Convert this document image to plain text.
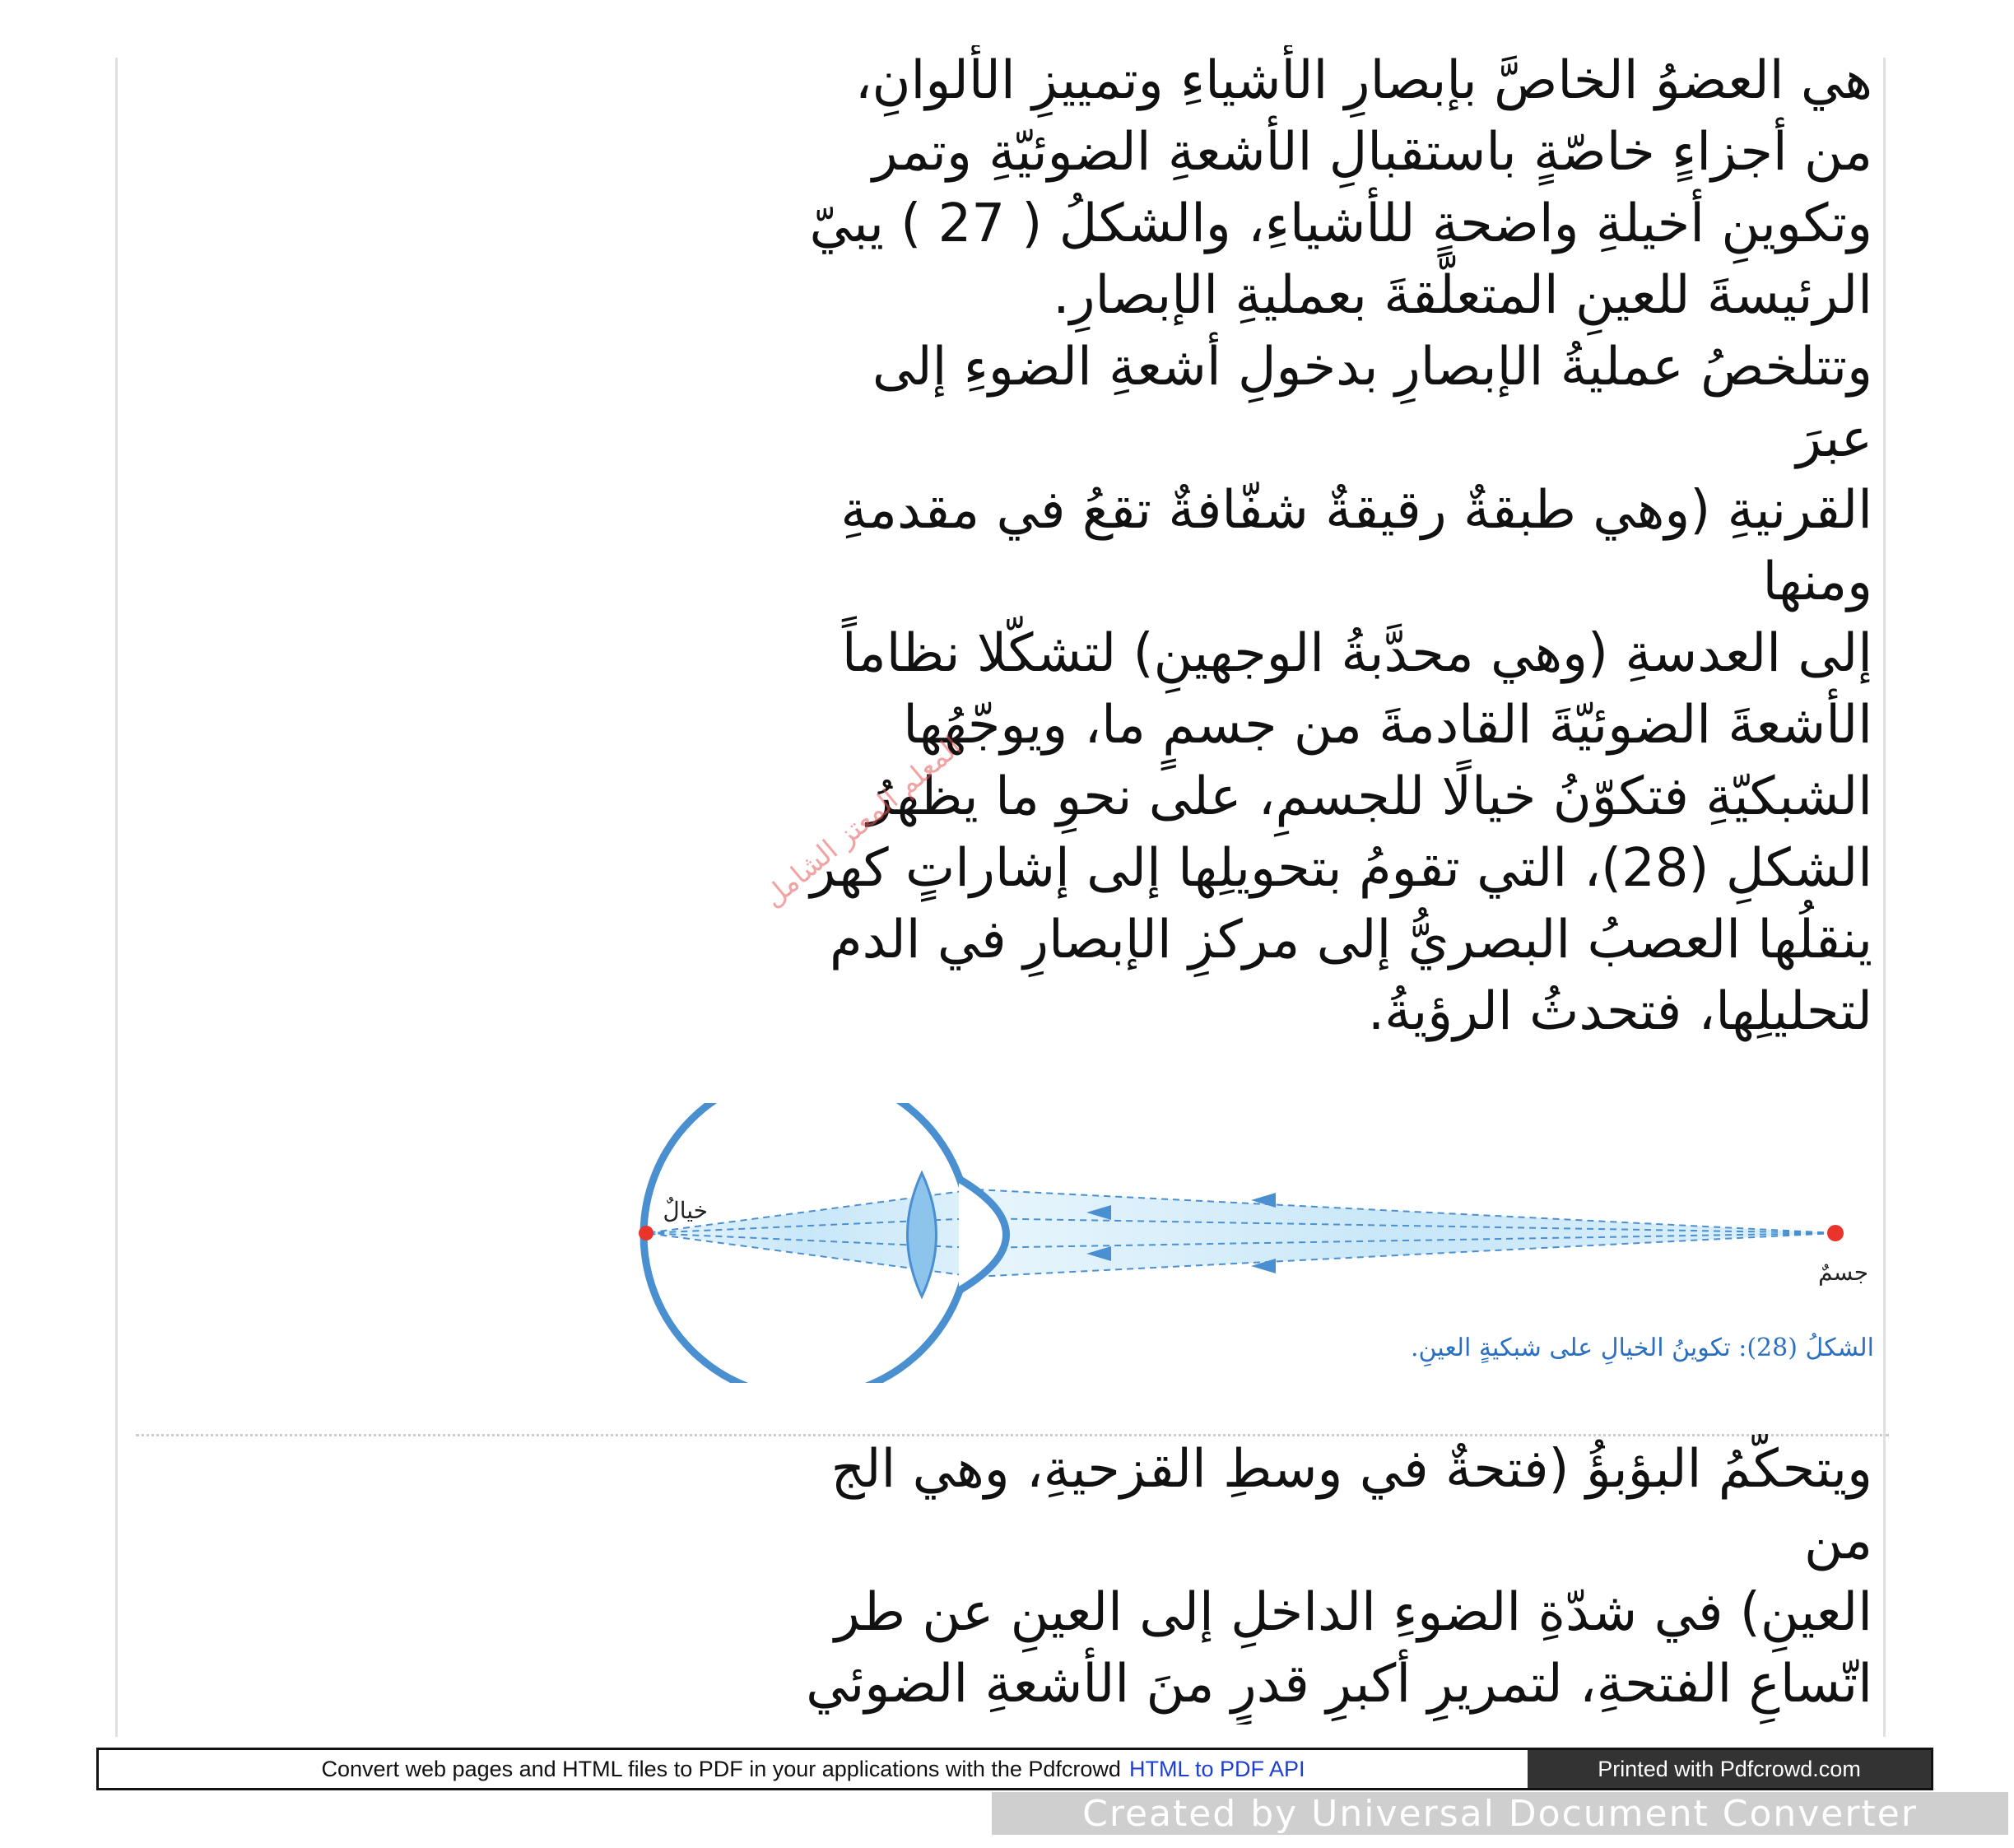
هي العضوُ الخاصَّ بإبصارِ الأشياءِ وتمييزِ الألوانِ،
من أجزاءٍ خاصّةٍ باستقبالِ الأشعةِ الضوئيّةِ وتمر
وتكوينِ أخيلةِ واضحةٍ للأشياءِ، والشكلُ ( 27 ) يبيّ
الرئيسةَ للعينِ المتعلّقةَ بعمليةِ الإبصارِ.
وتتلخصُ عمليةُ الإبصارِ بدخولِ أشعةِ الضوءِ إلى
عبرَ
القرنيةِ (وهي طبقةٌ رقيقةٌ شفّافةٌ تقعُ في مقدمةِ
ومنها
إلى العدسةِ (وهي محدَّبةُ الوجهينِ) لتشكّلا نظاماً
الأشعةَ الضوئيّةَ القادمةَ من جسمٍ ما، ويوجّهُها
الشبكيّةِ فتكوّنُ خيالًا للجسمِ، على نحوِ ما يظهرُ
الشكلِ (28)، التي تقومُ بتحويلِها إلى إشاراتٍ كهر
ينقلُها العصبُ البصريُّ إلى مركزِ الإبصارِ في الدم
لتحليلِها، فتحدثُ الرؤيةُ.
المعلم المعتز الشامل
خيالٌ
جسمٌ
الشكلُ (28): تكوينُ الخيالِ على شبكيةٍ العينِ.
ويتحكّمُ البؤبؤُ (فتحةٌ في وسطِ القزحيةِ، وهي الج
من
العينِ) في شدّةِ الضوءِ الداخلِ إلى العينِ عن طر
اتّساعِ الفتحةِ، لتمريرِ أكبرِ قدرٍ منَ الأشعةِ الضوئي
Convert web pages and HTML files to PDF in your applications with the Pdfcrowd HTML to PDF API	Printed with Pdfcrowd.com
Created by Universal Document Converter
